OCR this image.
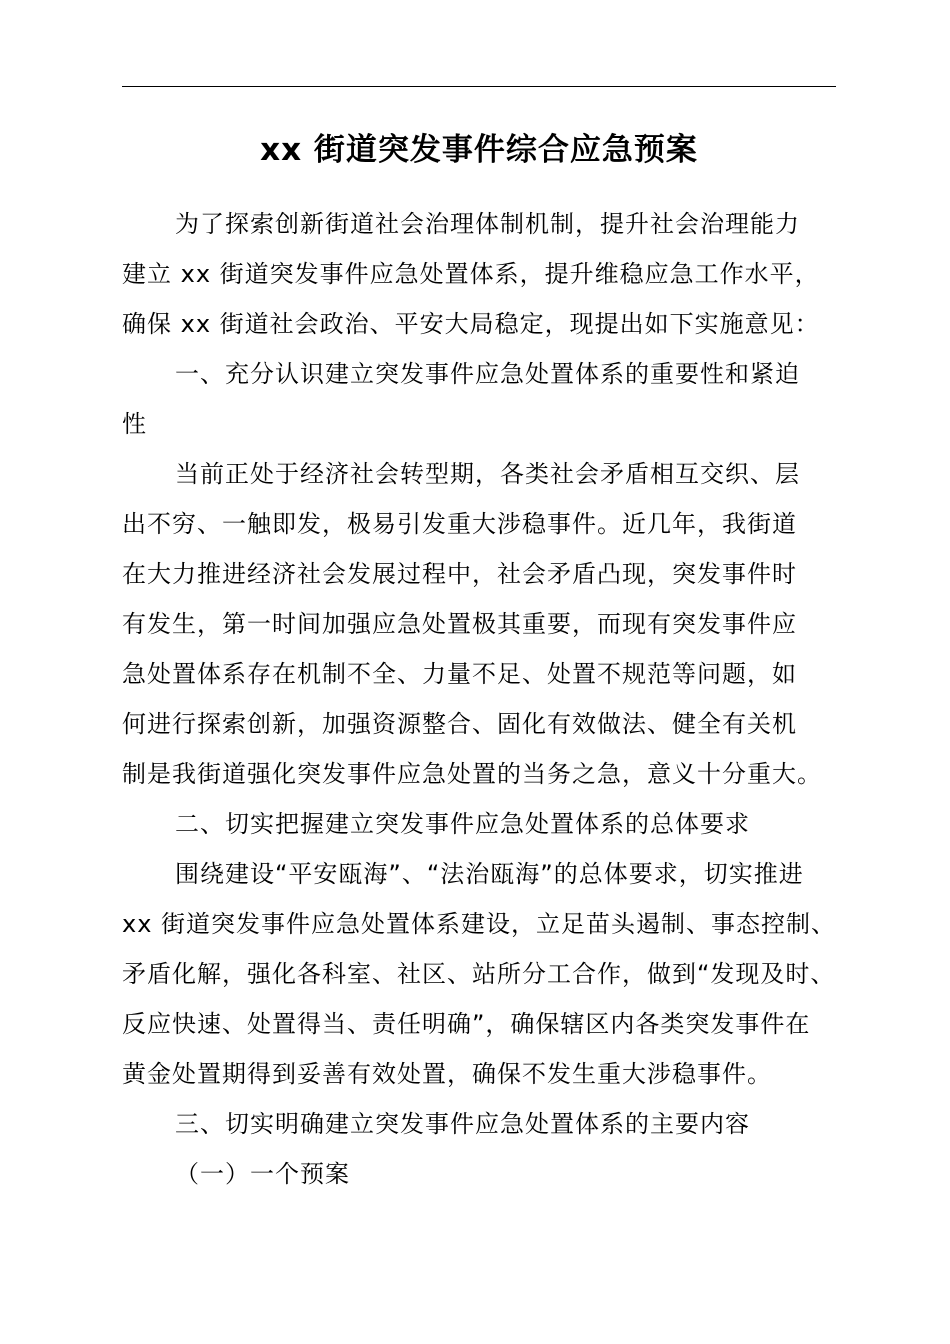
xx 街道突发事件综合应急预案
为了探索创新街道社会治理体制机制，提升社会治理能力
建立 xx 街道突发事件应急处置体系，提升维稳应急工作水平，
确保 xx 街道社会政治、平安大局稳定，现提出如下实施意见：
一、充分认识建立突发事件应急处置体系的重要性和紧迫
性
当前正处于经济社会转型期，各类社会矛盾相互交织、层
出不穷、一触即发，极易引发重大涉稳事件。近几年，我街道
在大力推进经济社会发展过程中，社会矛盾凸现，突发事件时
有发生，第一时间加强应急处置极其重要，而现有突发事件应
急处置体系存在机制不全、力量不足、处置不规范等问题，如
何进行探索创新，加强资源整合、固化有效做法、健全有关机
制是我街道强化突发事件应急处置的当务之急，意义十分重大。
二、切实把握建立突发事件应急处置体系的总体要求
围绕建设“平安瓯海”、“法治瓯海”的总体要求，切实推进
xx 街道突发事件应急处置体系建设，立足苗头遏制、事态控制、
矛盾化解，强化各科室、社区、站所分工合作，做到“发现及时、
反应快速、处置得当、责任明确”，确保辖区内各类突发事件在
黄金处置期得到妥善有效处置，确保不发生重大涉稳事件。
三、切实明确建立突发事件应急处置体系的主要内容
（一）一个预案
